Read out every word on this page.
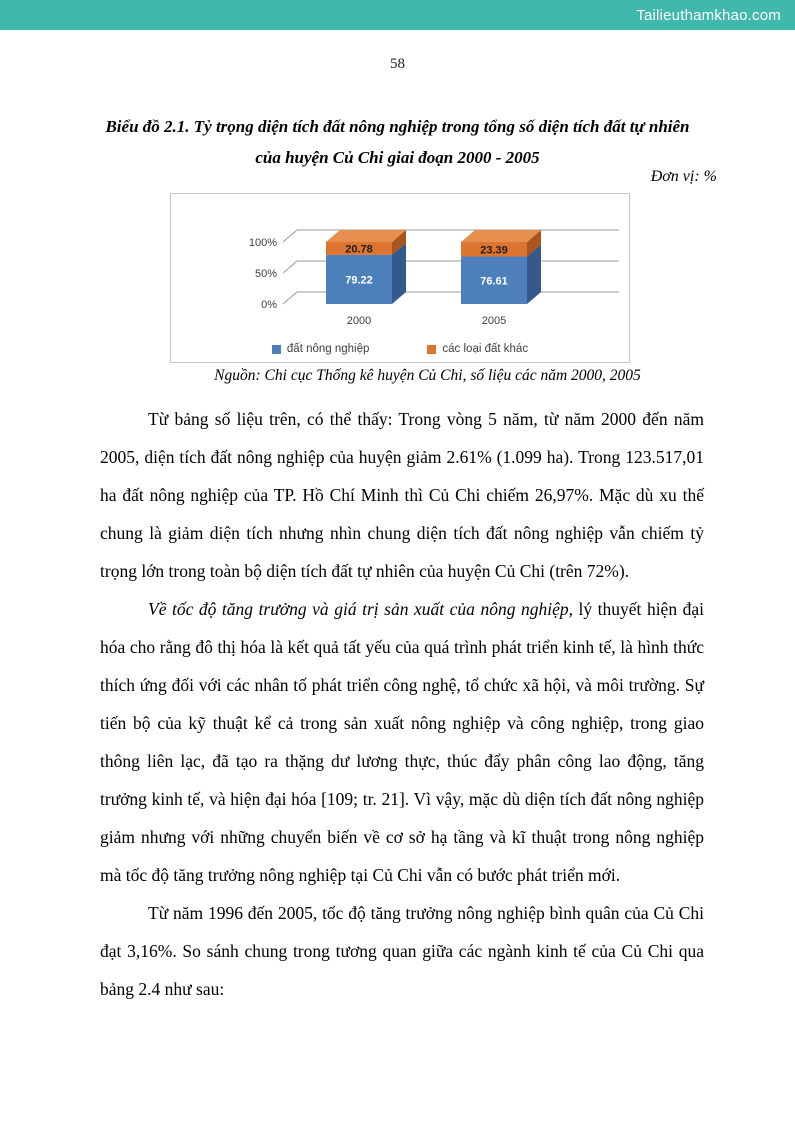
Tailieuthamkhao.com
58
Biểu đồ 2.1. Tỷ trọng diện tích đất nông nghiệp trong tổng số diện tích đất tự nhiên của huyện Củ Chi giai đoạn 2000 - 2005
Đơn vị: %
0%
50%
100%
79.22
20.78
2000
76.61
23.39
2005
đất nông nghiệp	các loại đất khác
Nguồn: Chi cục Thống kê huyện Củ Chi, số liệu các năm 2000, 2005

Từ bảng số liệu trên, có thể thấy: Trong vòng 5 năm, từ năm 2000 đến năm 2005, diện tích đất nông nghiệp của huyện giảm 2.61% (1.099 ha). Trong 123.517,01 ha đất nông nghiệp của TP. Hồ Chí Minh thì Củ Chi chiếm 26,97%. Mặc dù xu thế chung là giảm diện tích nhưng nhìn chung diện tích đất nông nghiệp vẫn chiếm tỷ trọng lớn trong toàn bộ diện tích đất tự nhiên của huyện Củ Chi (trên 72%).

Về tốc độ tăng trưởng và giá trị sản xuất của nông nghiệp, lý thuyết hiện đại hóa cho rằng đô thị hóa là kết quả tất yếu của quá trình phát triển kinh tế, là hình thức thích ứng đối với các nhân tố phát triển công nghệ, tổ chức xã hội, và môi trường. Sự tiến bộ của kỹ thuật kể cả trong sản xuất nông nghiệp và công nghiệp, trong giao thông liên lạc, đã tạo ra thặng dư lương thực, thúc đẩy phân công lao động, tăng trưởng kinh tế, và hiện đại hóa [109; tr. 21]. Vì vậy, mặc dù diện tích đất nông nghiệp giảm nhưng với những chuyển biến về cơ sở hạ tầng và kĩ thuật trong nông nghiệp mà tốc độ tăng trưởng nông nghiệp tại Củ Chi vẫn có bước phát triển mới.

Từ năm 1996 đến 2005, tốc độ tăng trưởng nông nghiệp bình quân của Củ Chi đạt 3,16%. So sánh chung trong tương quan giữa các ngành kinh tế của Củ Chi qua bảng 2.4 như sau:
